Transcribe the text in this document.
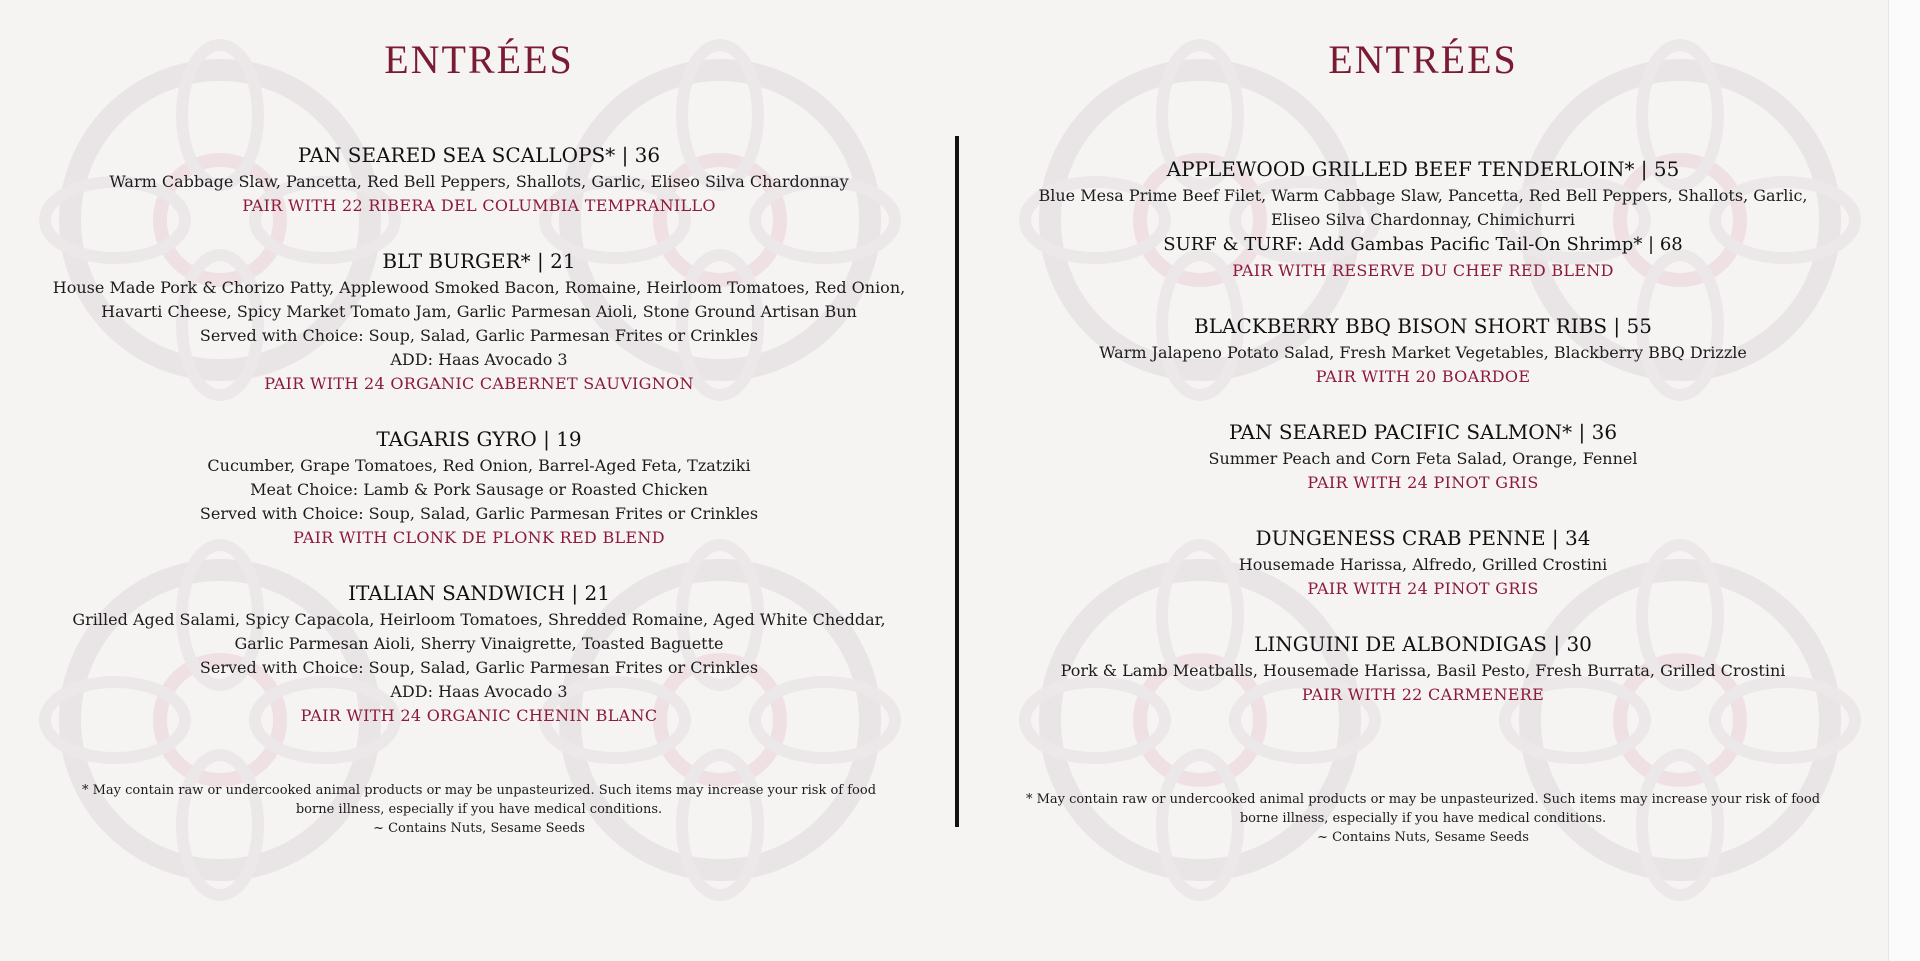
ENTRÉES
PAN SEARED SEA SCALLOPS* | 36
Warm Cabbage Slaw, Pancetta, Red Bell Peppers, Shallots, Garlic, Eliseo Silva Chardonnay
PAIR WITH 22 RIBERA DEL COLUMBIA TEMPRANILLO
BLT BURGER* | 21
House Made Pork & Chorizo Patty, Applewood Smoked Bacon, Romaine, Heirloom Tomatoes, Red Onion,
Havarti Cheese, Spicy Market Tomato Jam, Garlic Parmesan Aioli, Stone Ground Artisan Bun
Served with Choice: Soup, Salad, Garlic Parmesan Frites or Crinkles
ADD: Haas Avocado 3
PAIR WITH 24 ORGANIC CABERNET SAUVIGNON
TAGARIS GYRO | 19
Cucumber, Grape Tomatoes, Red Onion, Barrel-Aged Feta, Tzatziki
Meat Choice: Lamb & Pork Sausage or Roasted Chicken
Served with Choice: Soup, Salad, Garlic Parmesan Frites or Crinkles
PAIR WITH CLONK DE PLONK RED BLEND
ITALIAN SANDWICH | 21
Grilled Aged Salami, Spicy Capacola, Heirloom Tomatoes, Shredded Romaine, Aged White Cheddar,
Garlic Parmesan Aioli, Sherry Vinaigrette, Toasted Baguette
Served with Choice: Soup, Salad, Garlic Parmesan Frites or Crinkles
ADD: Haas Avocado 3
PAIR WITH 24 ORGANIC CHENIN BLANC
* May contain raw or undercooked animal products or may be unpasteurized. Such items may increase your risk of food
borne illness, especially if you have medical conditions.
~ Contains Nuts, Sesame Seeds
ENTRÉES
APPLEWOOD GRILLED BEEF TENDERLOIN* | 55
Blue Mesa Prime Beef Filet, Warm Cabbage Slaw, Pancetta, Red Bell Peppers, Shallots, Garlic,
Eliseo Silva Chardonnay, Chimichurri
SURF & TURF: Add Gambas Pacific Tail-On Shrimp* | 68
PAIR WITH RESERVE DU CHEF RED BLEND
BLACKBERRY BBQ BISON SHORT RIBS | 55
Warm Jalapeno Potato Salad, Fresh Market Vegetables, Blackberry BBQ Drizzle
PAIR WITH 20 BOARDOE
PAN SEARED PACIFIC SALMON* | 36
Summer Peach and Corn Feta Salad, Orange, Fennel
PAIR WITH 24 PINOT GRIS
DUNGENESS CRAB PENNE | 34
Housemade Harissa, Alfredo, Grilled Crostini
PAIR WITH 24 PINOT GRIS
LINGUINI DE ALBONDIGAS | 30
Pork & Lamb Meatballs, Housemade Harissa, Basil Pesto, Fresh Burrata, Grilled Crostini
PAIR WITH 22 CARMENERE
* May contain raw or undercooked animal products or may be unpasteurized. Such items may increase your risk of food
borne illness, especially if you have medical conditions.
~ Contains Nuts, Sesame Seeds
